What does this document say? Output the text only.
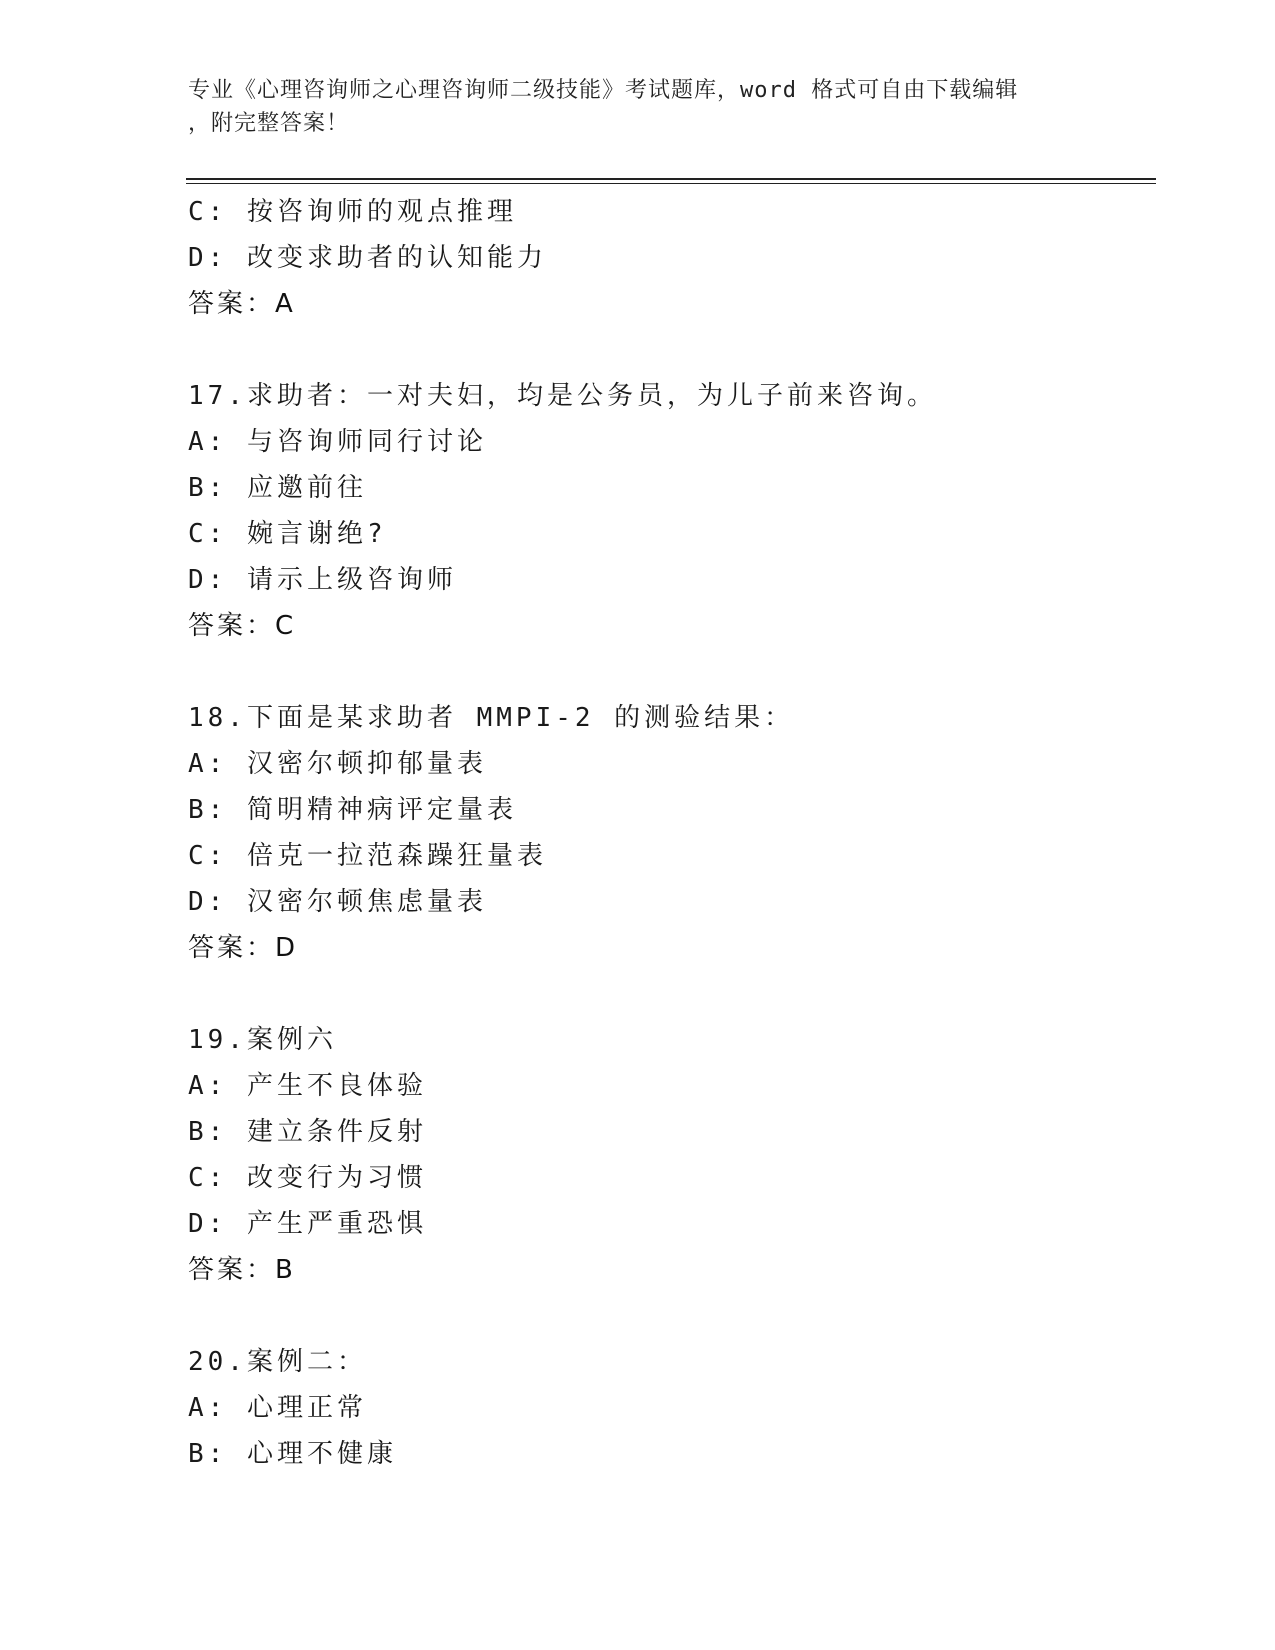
专业《心理咨询师之心理咨询师二级技能》考试题库，word 格式可自由下载编辑
，附完整答案！
C: 按咨询师的观点推理
D: 改变求助者的认知能力
答案：A
17.求助者：一对夫妇，均是公务员，为儿子前来咨询。
A: 与咨询师同行讨论
B: 应邀前往
C: 婉言谢绝?
D: 请示上级咨询师
答案：C
18.下面是某求助者 MMPI-2 的测验结果：
A: 汉密尔顿抑郁量表
B: 简明精神病评定量表
C: 倍克一拉范森躁狂量表
D: 汉密尔顿焦虑量表
答案：D
19.案例六
A: 产生不良体验
B: 建立条件反射
C: 改变行为习惯
D: 产生严重恐惧
答案：B
20.案例二：
A: 心理正常
B: 心理不健康
